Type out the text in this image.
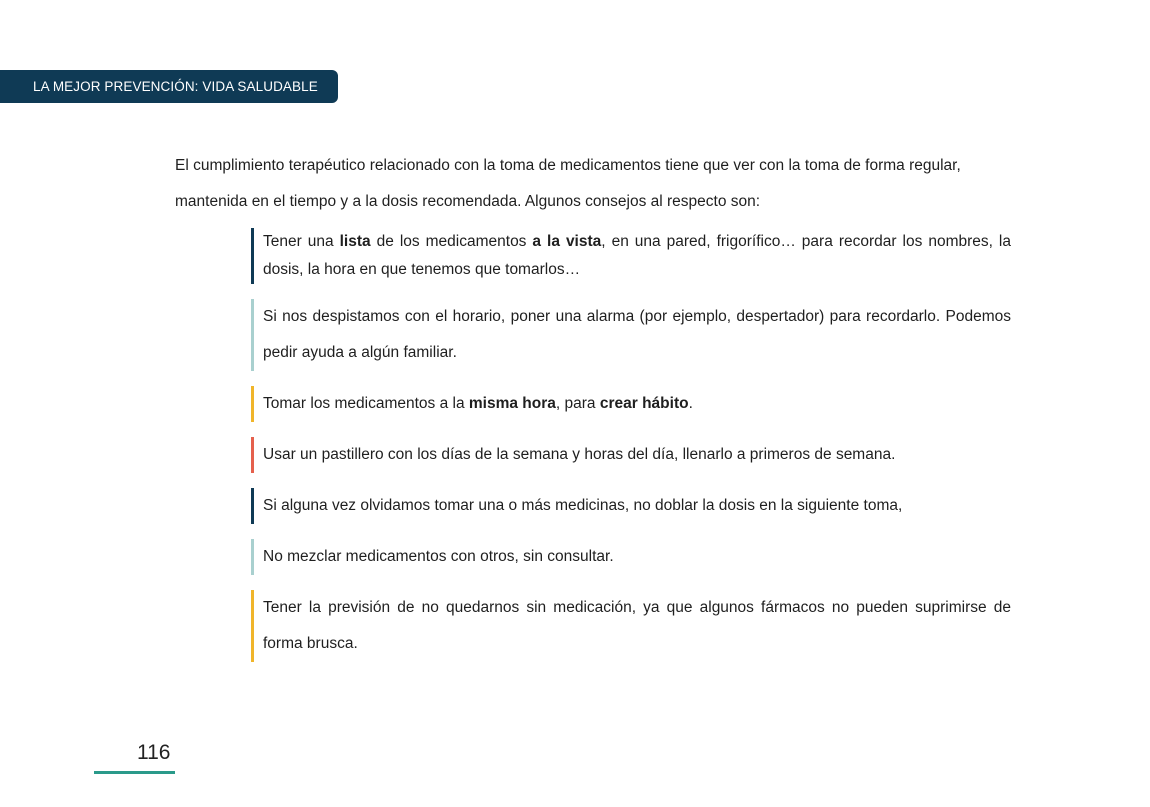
LA MEJOR PREVENCIÓN: VIDA SALUDABLE

El cumplimiento terapéutico relacionado con la toma de medicamentos tiene que ver con la toma de forma regular, mantenida en el tiempo y a la dosis recomendada. Algunos consejos al respecto son:

Tener una lista de los medicamentos a la vista, en una pared, frigorífico… para recordar los nombres, la dosis, la hora en que tenemos que tomarlos…
Si nos despistamos con el horario, poner una alarma (por ejemplo, despertador) para recordarlo. Podemos pedir ayuda a algún familiar.
Tomar los medicamentos a la misma hora, para crear hábito.
Usar un pastillero con los días de la semana y horas del día, llenarlo a primeros de semana.
Si alguna vez olvidamos tomar una o más medicinas, no doblar la dosis en la siguiente toma,
No mezclar medicamentos con otros, sin consultar.
Tener la previsión de no quedarnos sin medicación, ya que algunos fármacos no pueden suprimirse de forma brusca.
116
